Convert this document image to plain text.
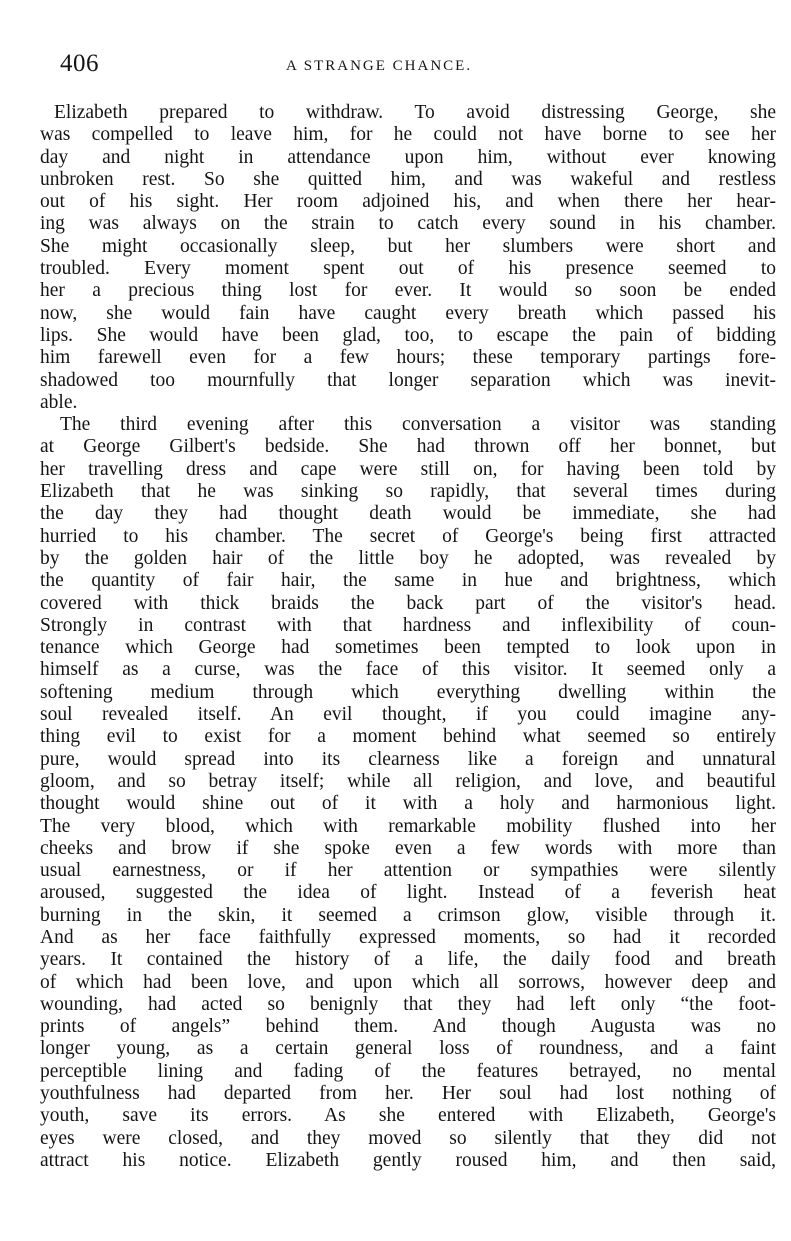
406	A STRANGE CHANCE.
Elizabeth prepared to withdraw. To avoid distressing George, she
was compelled to leave him, for he could not have borne to see her
day and night in attendance upon him, without ever knowing
unbroken rest. So she quitted him, and was wakeful and restless
out of his sight. Her room adjoined his, and when there her hear-
ing was always on the strain to catch every sound in his chamber.
She might occasionally sleep, but her slumbers were short and
troubled. Every moment spent out of his presence seemed to
her a precious thing lost for ever. It would so soon be ended
now, she would fain have caught every breath which passed his
lips. She would have been glad, too, to escape the pain of bidding
him farewell even for a few hours; these temporary partings fore-
shadowed too mournfully that longer separation which was inevit-
able.
The third evening after this conversation a visitor was standing
at George Gilbert's bedside. She had thrown off her bonnet, but
her travelling dress and cape were still on, for having been told by
Elizabeth that he was sinking so rapidly, that several times during
the day they had thought death would be immediate, she had
hurried to his chamber. The secret of George's being first attracted
by the golden hair of the little boy he adopted, was revealed by
the quantity of fair hair, the same in hue and brightness, which
covered with thick braids the back part of the visitor's head.
Strongly in contrast with that hardness and inflexibility of coun-
tenance which George had sometimes been tempted to look upon in
himself as a curse, was the face of this visitor. It seemed only a
softening medium through which everything dwelling within the
soul revealed itself. An evil thought, if you could imagine any-
thing evil to exist for a moment behind what seemed so entirely
pure, would spread into its clearness like a foreign and unnatural
gloom, and so betray itself; while all religion, and love, and beautiful
thought would shine out of it with a holy and harmonious light.
The very blood, which with remarkable mobility flushed into her
cheeks and brow if she spoke even a few words with more than
usual earnestness, or if her attention or sympathies were silently
aroused, suggested the idea of light. Instead of a feverish heat
burning in the skin, it seemed a crimson glow, visible through it.
And as her face faithfully expressed moments, so had it recorded
years. It contained the history of a life, the daily food and breath
of which had been love, and upon which all sorrows, however deep and
wounding, had acted so benignly that they had left only “the foot-
prints of angels” behind them. And though Augusta was no
longer young, as a certain general loss of roundness, and a faint
perceptible lining and fading of the features betrayed, no mental
youthfulness had departed from her. Her soul had lost nothing of
youth, save its errors. As she entered with Elizabeth, George's
eyes were closed, and they moved so silently that they did not
attract his notice. Elizabeth gently roused him, and then said,
